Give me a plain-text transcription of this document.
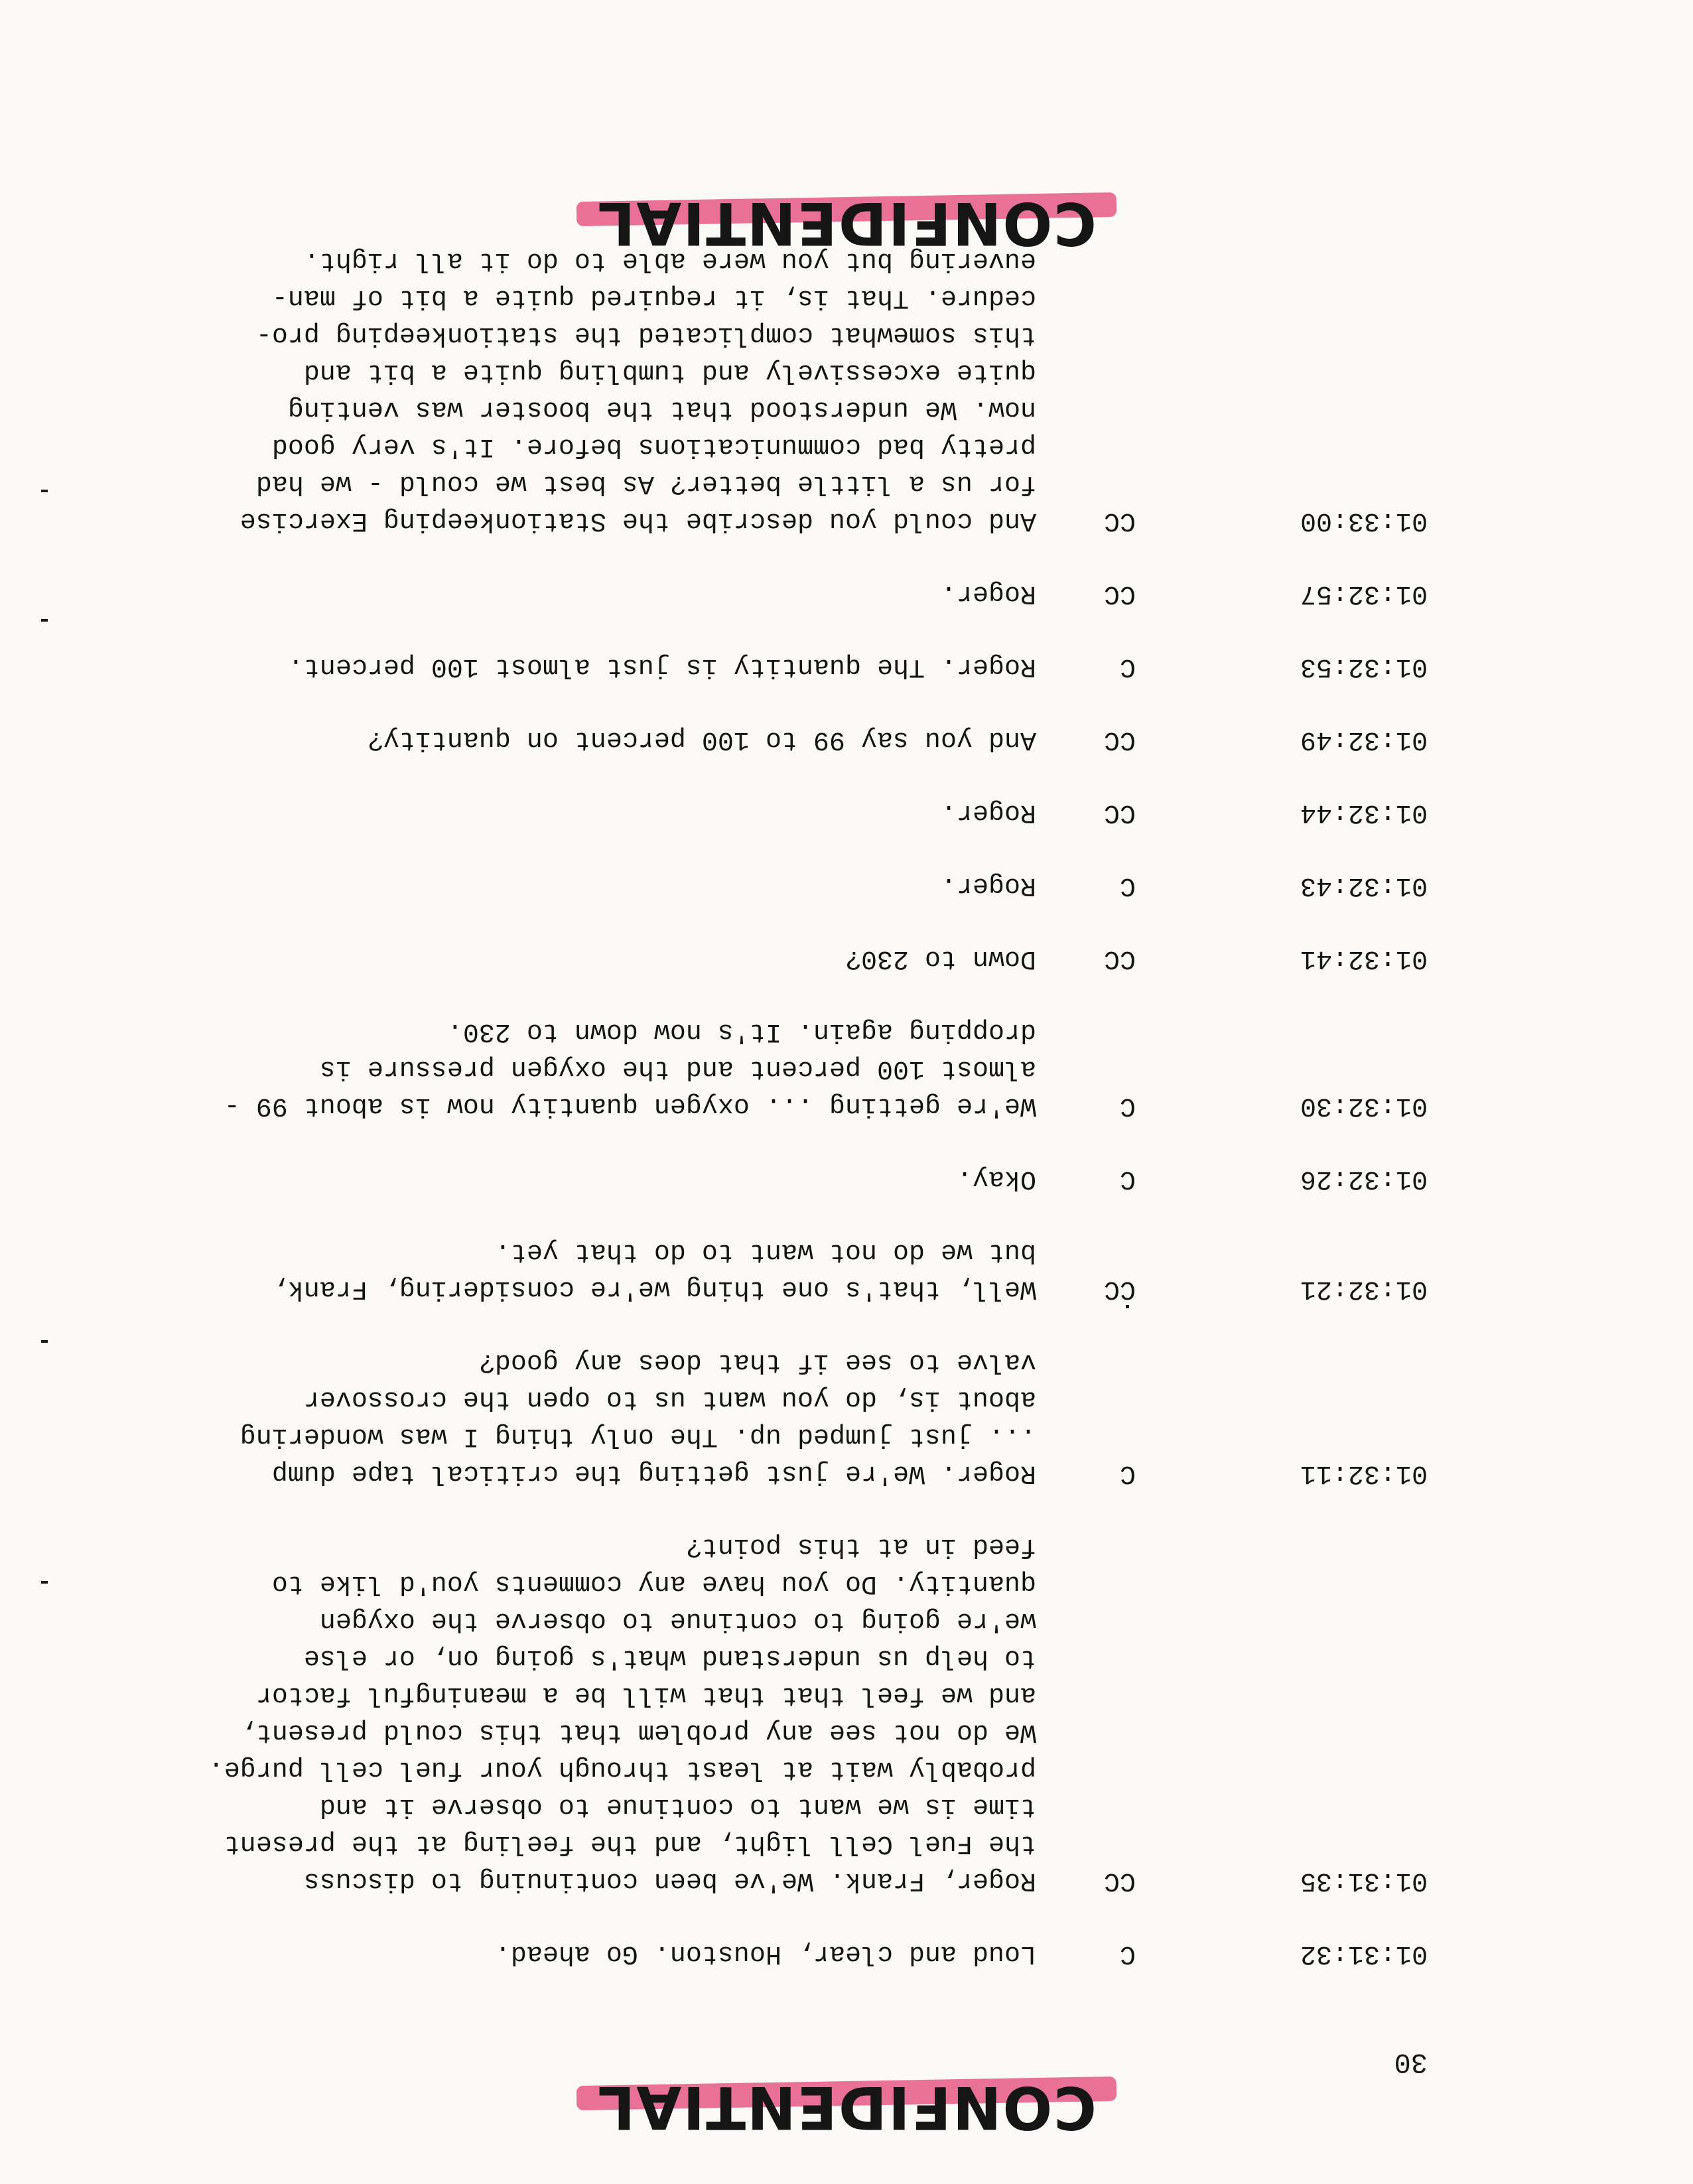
CONFIDENTIAL
30
01:31:32
C
Loud and clear, Houston. Go ahead.
01:31:35
CC
Roger, Frank. We've been continuing to discuss
the Fuel Cell light, and the feeling at the present
time is we want to continue to observe it and
probably wait at least through your fuel cell purge.
We do not see any problem that this could present,
and we feel that that will be a meaningful factor
to help us understand what's going on, or else
we're going to continue to observe the oxygen
quantity. Do you have any comments you'd like to
feed in at this point?
01:32:11
C
Roger. We're just getting the critical tape dump
... just jumped up. The only thing I was wondering
about is, do you want us to open the crossover
valve to see if that does any good?
01:32:21
CC
Well, that's one thing we're considering, Frank,
but we do not want to do that yet.
01:32:26
C
Okay.
01:32:30
C
We're getting ... oxygen quantity now is about 99 -
almost 100 percent and the oxygen pressure is
dropping again. It's now down to 230.
01:32:41
CC
Down to 230?
01:32:43
C
Roger.
01:32:44
CC
Roger.
01:32:49
CC
And you say 99 to 100 percent on quantity?
01:32:53
C
Roger. The quantity is just almost 100 percent.
01:32:57
CC
Roger.
01:33:00
CC
And could you describe the Stationkeeping Exercise
for us a little better? As best we could - we had
pretty bad communications before. It's very good
now. We understood that the booster was venting
quite excessively and tumbling quite a bit and
this somewhat complicated the stationkeeping pro-
cedure. That is, it required quite a bit of man-
euvering but you were able to do it all right.
CONFIDENTIAL
